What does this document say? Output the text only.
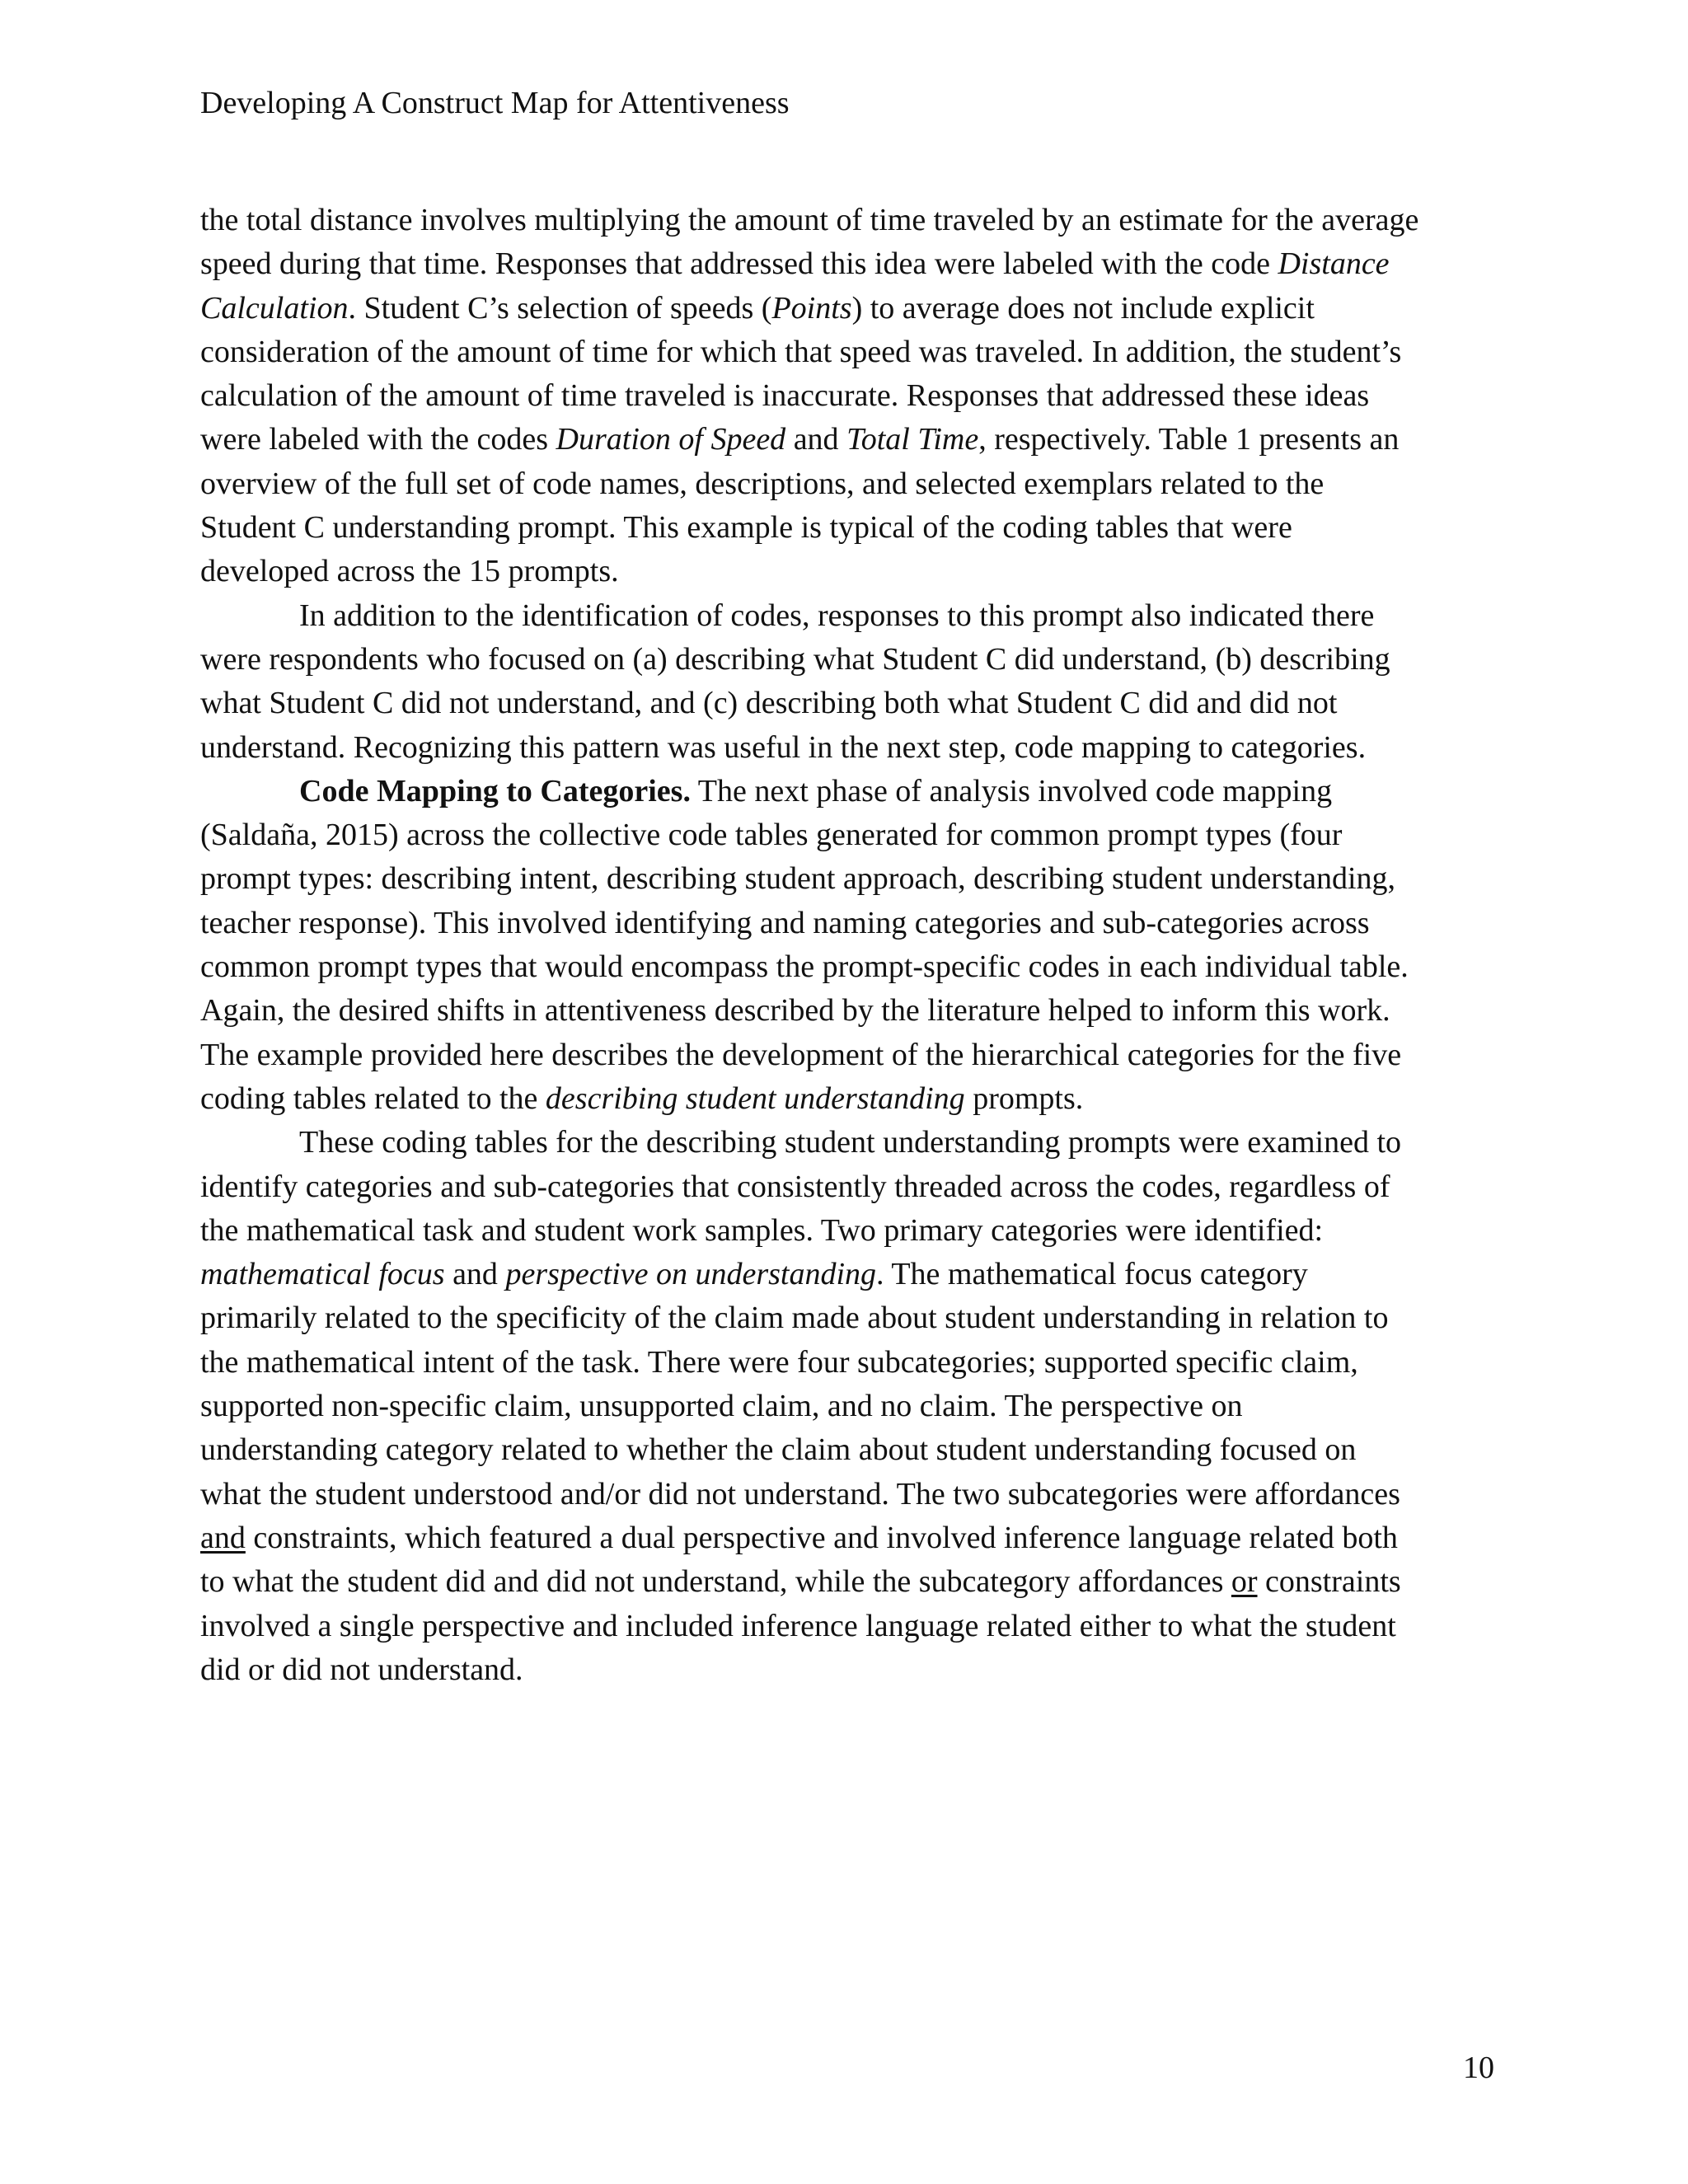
Developing A Construct Map for Attentiveness
the total distance involves multiplying the amount of time traveled by an estimate for the average
speed during that time. Responses that addressed this idea were labeled with the code Distance
Calculation. Student C’s selection of speeds (Points) to average does not include explicit
consideration of the amount of time for which that speed was traveled. In addition, the student’s
calculation of the amount of time traveled is inaccurate. Responses that addressed these ideas
were labeled with the codes Duration of Speed and Total Time, respectively. Table 1 presents an
overview of the full set of code names, descriptions, and selected exemplars related to the
Student C understanding prompt. This example is typical of the coding tables that were
developed across the 15 prompts.
In addition to the identification of codes, responses to this prompt also indicated there
were respondents who focused on (a) describing what Student C did understand, (b) describing
what Student C did not understand, and (c) describing both what Student C did and did not
understand. Recognizing this pattern was useful in the next step, code mapping to categories.
Code Mapping to Categories. The next phase of analysis involved code mapping
(Saldaña, 2015) across the collective code tables generated for common prompt types (four
prompt types: describing intent, describing student approach, describing student understanding,
teacher response). This involved identifying and naming categories and sub-categories across
common prompt types that would encompass the prompt-specific codes in each individual table.
Again, the desired shifts in attentiveness described by the literature helped to inform this work.
The example provided here describes the development of the hierarchical categories for the five
coding tables related to the describing student understanding prompts.
These coding tables for the describing student understanding prompts were examined to
identify categories and sub-categories that consistently threaded across the codes, regardless of
the mathematical task and student work samples. Two primary categories were identified:
mathematical focus and perspective on understanding. The mathematical focus category
primarily related to the specificity of the claim made about student understanding in relation to
the mathematical intent of the task. There were four subcategories; supported specific claim,
supported non-specific claim, unsupported claim, and no claim. The perspective on
understanding category related to whether the claim about student understanding focused on
what the student understood and/or did not understand. The two subcategories were affordances
and constraints, which featured a dual perspective and involved inference language related both
to what the student did and did not understand, while the subcategory affordances or constraints
involved a single perspective and included inference language related either to what the student
did or did not understand.
10
